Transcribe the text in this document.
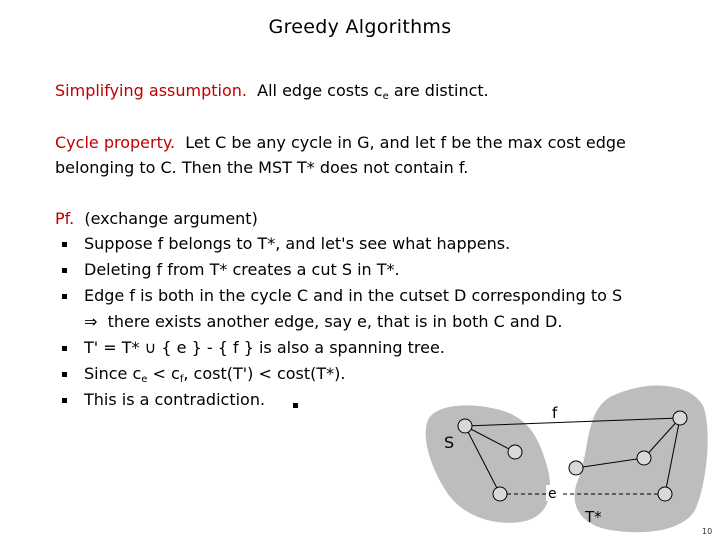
Greedy Algorithms
Simplifying assumption. All edge costs $c_e$ are distinct.
Cycle property. Let C be any cycle in G, and let f be the max cost edge
belonging to C. Then the MST T* does not contain f.
Pf. (exchange argument)
Suppose f belongs to T*, and let's see what happens.
Deleting f from T* creates a cut S in T*.
Edge f is both in the cycle C and in the cutset D corresponding to S
⇒ there exists another edge, say e, that is in both C and D.
T' = T* ∪ { e } - { f } is also a spanning tree.
Since $c_e < c_f$, cost(T') < cost(T*).
This is a contradiction.
f
S
e
T*
10
